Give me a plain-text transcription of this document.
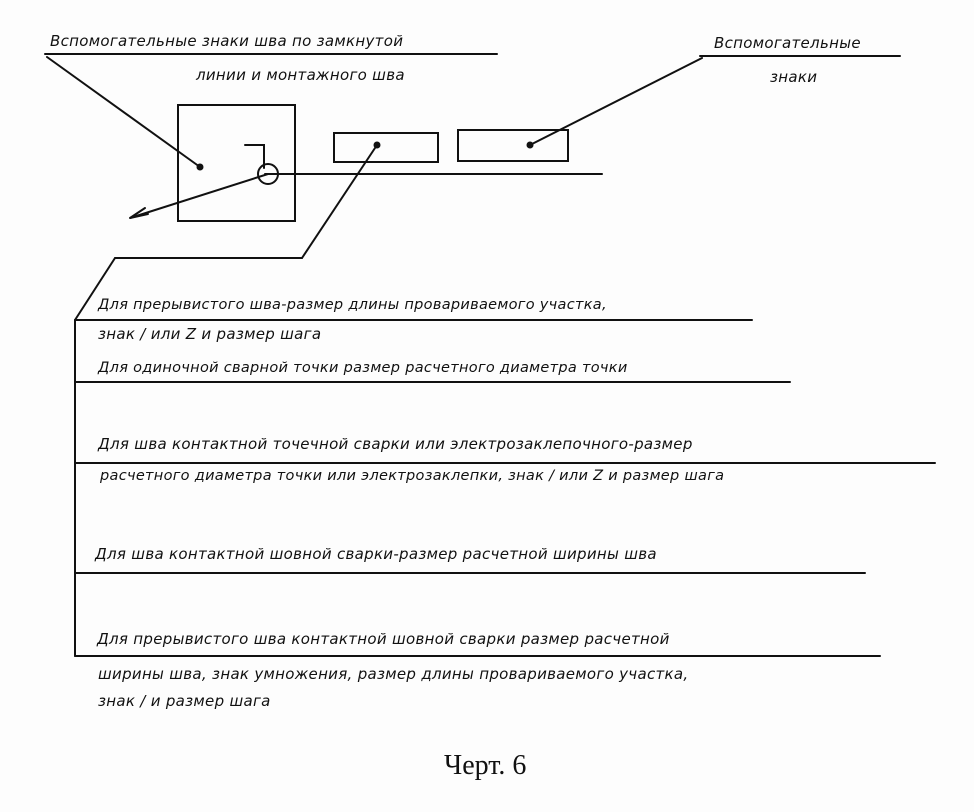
Вспомогательные знаки шва по замкнутой
линии и монтажного шва
Вспомогательные
знаки
Для прерывистого шва-размер длины провариваемого участка,
знак / или Z и размер шага
Для одиночной сварной точки размер расчетного диаметра точки
Для шва контактной точечной сварки или электрозаклепочного-размер
расчетного диаметра точки или электрозаклепки, знак / или Z и размер шага
Для шва контактной шовной сварки-размер расчетной ширины шва
Для прерывистого шва контактной шовной сварки размер расчетной
ширины шва, знак умножения, размер длины провариваемого участка,
знак / и размер шага
Черт. 6
